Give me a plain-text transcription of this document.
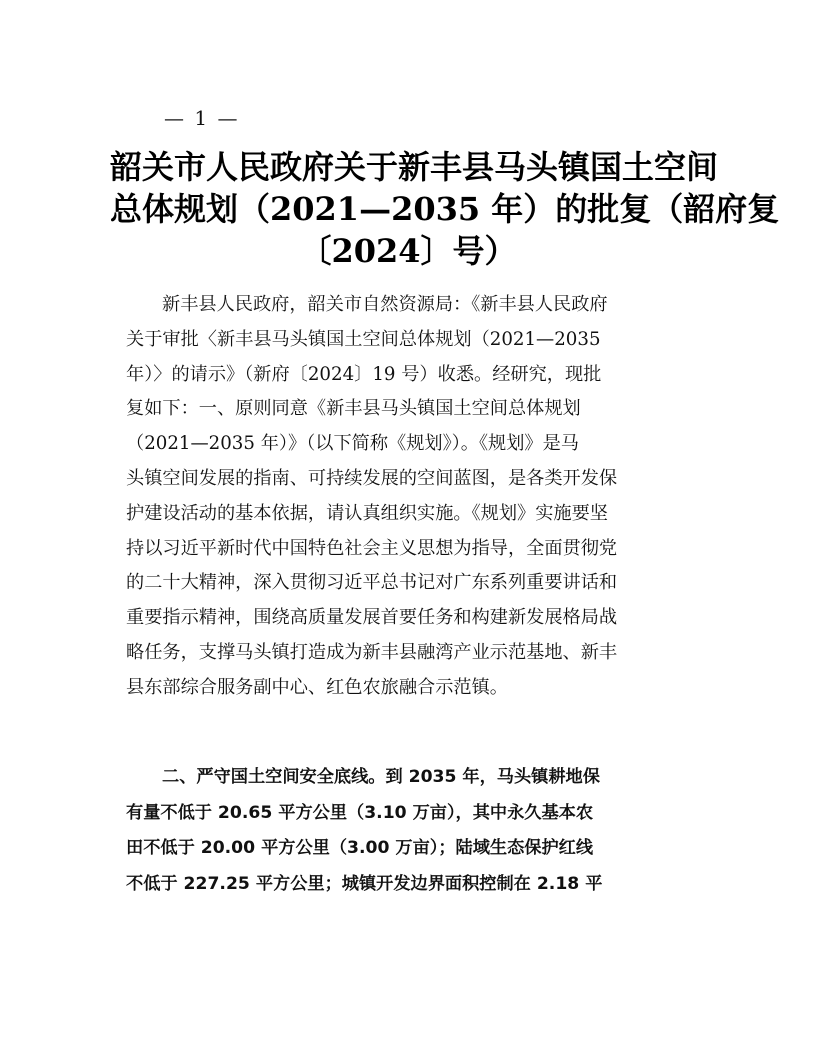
— 1 —
韶关市人民政府关于新丰县马头镇国土空间
总体规划（2021—2035 年）的批复（韶府复
〔2024〕号）

新丰县人民政府，韶关市自然资源局：《新丰县人民政府
关于审批〈新丰县马头镇国土空间总体规划（2021—2035
年）〉的请示》（新府〔2024〕19 号）收悉。经研究，现批
复如下：一、原则同意《新丰县马头镇国土空间总体规划
（2021—2035 年）》（以下简称《规划》）。《规划》是马
头镇空间发展的指南、可持续发展的空间蓝图，是各类开发保
护建设活动的基本依据，请认真组织实施。《规划》实施要坚
持以习近平新时代中国特色社会主义思想为指导，全面贯彻党
的二十大精神，深入贯彻习近平总书记对广东系列重要讲话和
重要指示精神，围绕高质量发展首要任务和构建新发展格局战
略任务，支撑马头镇打造成为新丰县融湾产业示范基地、新丰
县东部综合服务副中心、红色农旅融合示范镇。

二、严守国土空间安全底线。到 2035 年，马头镇耕地保
有量不低于 20.65 平方公里（3.10 万亩），其中永久基本农
田不低于 20.00 平方公里（3.00 万亩）；陆域生态保护红线
不低于 227.25 平方公里；城镇开发边界面积控制在 2.18 平
